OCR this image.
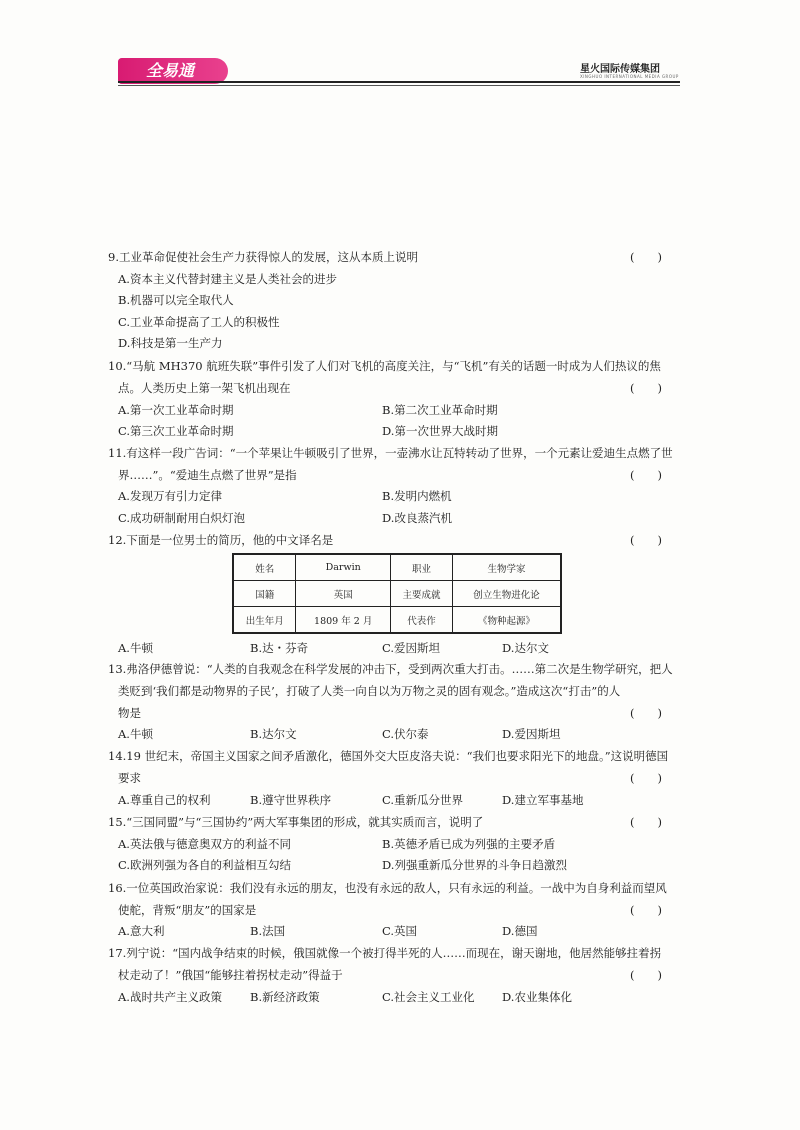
全易通	星火国际传媒集团
XINGHUO INTERNATIONAL MEDIA GROUP
9.工业革命促使社会生产力获得惊人的发展，这从本质上说明	(　　)
A.资本主义代替封建主义是人类社会的进步
B.机器可以完全取代人
C.工业革命提高了工人的积极性
D.科技是第一生产力
10.“马航 MH370 航班失联”事件引发了人们对飞机的高度关注，与“飞机”有关的话题一时成为人们热议的焦
点。人类历史上第一架飞机出现在	(　　)
A.第一次工业革命时期	B.第二次工业革命时期
C.第三次工业革命时期	D.第一次世界大战时期
11.有这样一段广告词：“一个苹果让牛顿吸引了世界，一壶沸水让瓦特转动了世界，一个元素让爱迪生点燃了世
界……”。“爱迪生点燃了世界”是指	(　　)
A.发现万有引力定律	B.发明内燃机
C.成功研制耐用白炽灯泡	D.改良蒸汽机
12.下面是一位男士的简历，他的中文译名是	(　　)
姓名	Darwin	职业	生物学家
国籍	英国	主要成就	创立生物进化论
出生年月	1809 年 2 月	代表作	《物种起源》
A.牛顿	B.达・芬奇	C.爱因斯坦	D.达尔文
13.弗洛伊德曾说：“人类的自我观念在科学发展的冲击下，受到两次重大打击。……第二次是生物学研究，把人
类贬到‘我们都是动物界的子民’，打破了人类一向自以为万物之灵的固有观念。”造成这次“打击”的人
物是	(　　)
A.牛顿	B.达尔文	C.伏尔泰	D.爱因斯坦
14.19 世纪末，帝国主义国家之间矛盾激化，德国外交大臣皮洛夫说：“我们也要求阳光下的地盘。”这说明德国
要求	(　　)
A.尊重自己的权利	B.遵守世界秩序	C.重新瓜分世界	D.建立军事基地
15.“三国同盟”与“三国协约”两大军事集团的形成，就其实质而言，说明了	(　　)
A.英法俄与德意奥双方的利益不同	B.英德矛盾已成为列强的主要矛盾
C.欧洲列强为各自的利益相互勾结	D.列强重新瓜分世界的斗争日趋激烈
16.一位英国政治家说：我们没有永远的朋友，也没有永远的敌人，只有永远的利益。一战中为自身利益而望风
使舵，背叛“朋友”的国家是	(　　)
A.意大利	B.法国	C.英国	D.德国
17.列宁说：“国内战争结束的时候，俄国就像一个被打得半死的人……而现在，谢天谢地，他居然能够拄着拐
杖走动了！”俄国“能够拄着拐杖走动”得益于	(　　)
A.战时共产主义政策 B.新经济政策	C.社会主义工业化 D.农业集体化
